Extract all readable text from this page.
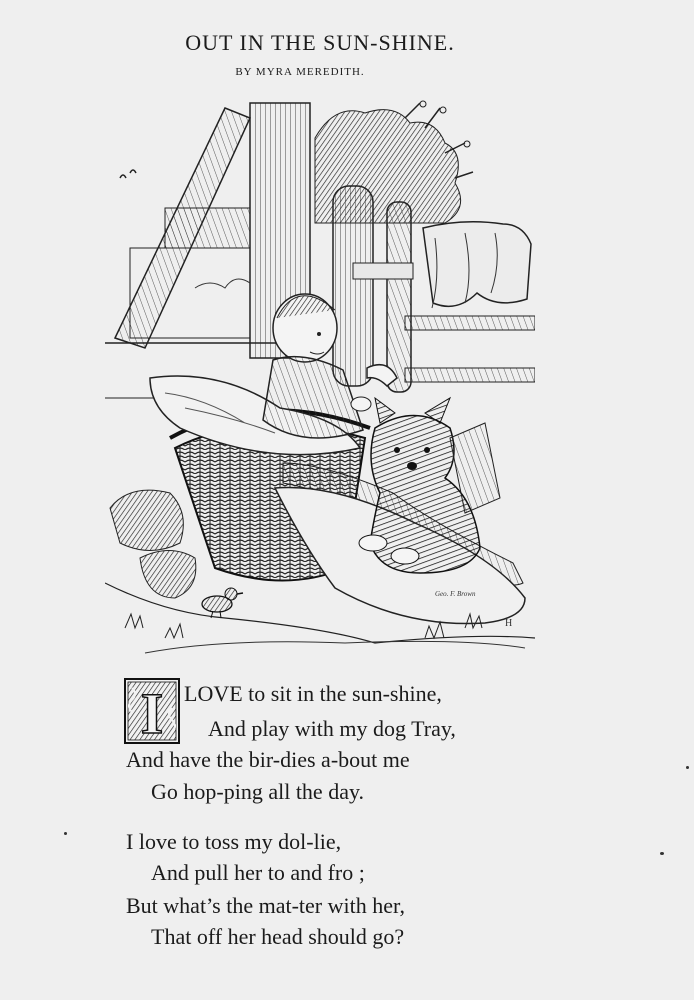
OUT IN THE SUN-SHINE.
BY MYRA MEREDITH.
Geo. F. Brown
H
I LOVE to sit in the sun-shine,
And play with my dog Tray,
And have the bir-dies a-bout me
Go hop-ping all the day.
I love to toss my dol-lie,
And pull her to and fro ;
But what’s the mat-ter with her,
That off her head should go?
